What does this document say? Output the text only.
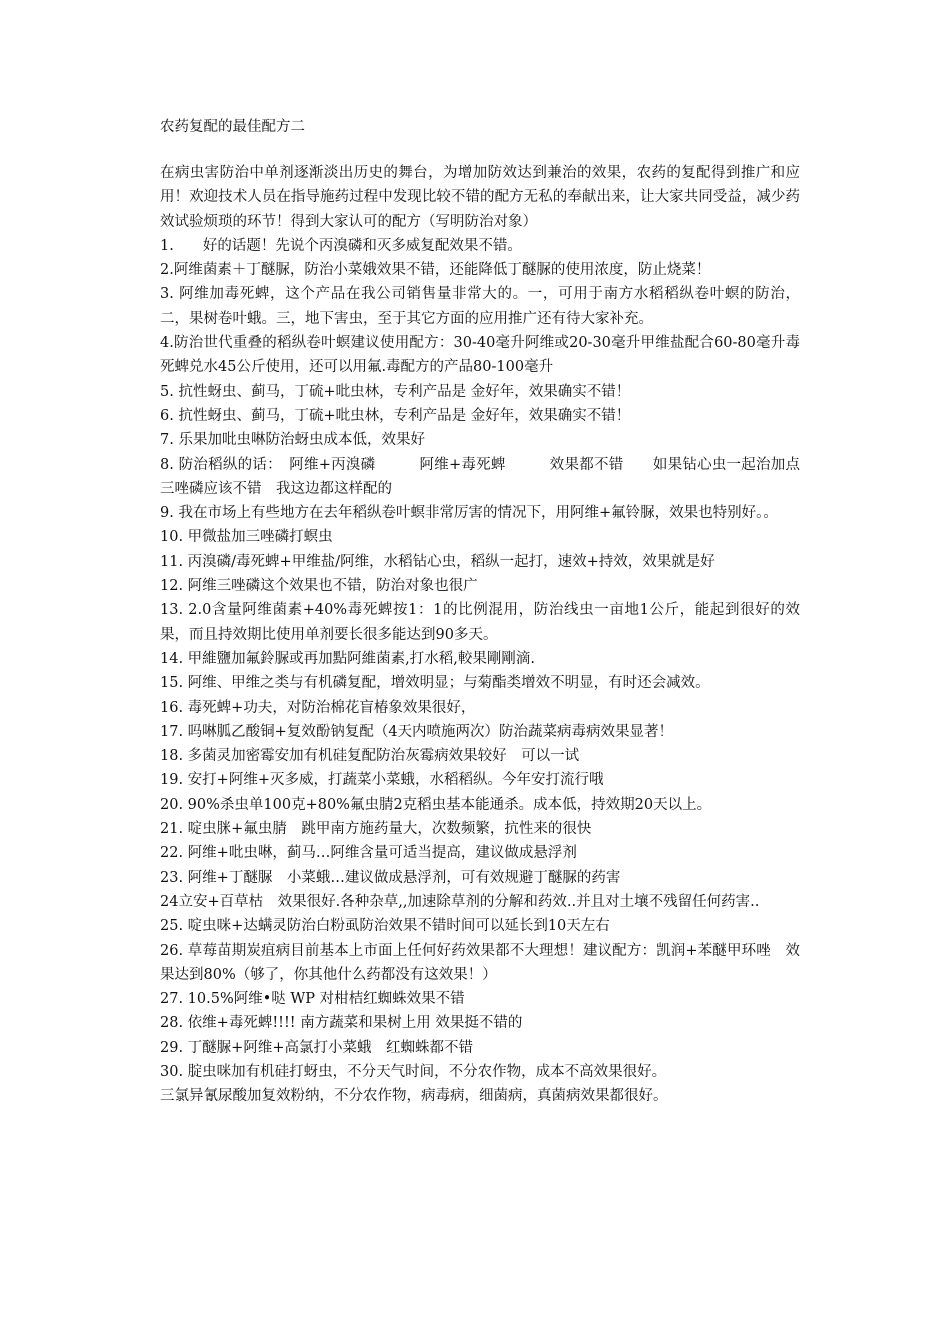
农药复配的最佳配方二

在病虫害防治中单剂逐渐淡出历史的舞台，为增加防效达到兼治的效果，农药的复配得到推广和应用！欢迎技术人员在指导施药过程中发现比较不错的配方无私的奉献出来，让大家共同受益，减少药效试验烦琐的环节！得到大家认可的配方（写明防治对象）

1.　　好的话题！先说个丙溴磷和灭多威复配效果不错。

2.阿维菌素＋丁醚脲，防治小菜娥效果不错，还能降低丁醚脲的使用浓度，防止烧菜！

3. 阿维加毒死蜱，这个产品在我公司销售量非常大的。一，可用于南方水稻稻纵卷叶螟的防治，二，果树卷叶蛾。三，地下害虫，至于其它方面的应用推广还有待大家补充。

4.防治世代重叠的稻纵卷叶螟建议使用配方：30-40毫升阿维或20-30毫升甲维盐配合60-80毫升毒死蜱兑水45公斤使用，还可以用氟.毒配方的产品80-100毫升

5. 抗性蚜虫、蓟马，丁硫+吡虫林，专利产品是 金好年，效果确实不错！

6. 抗性蚜虫、蓟马，丁硫+吡虫林，专利产品是 金好年，效果确实不错！

7. 乐果加吡虫啉防治蚜虫成本低，效果好

8. 防治稻纵的话：　阿维+丙溴磷　　　阿维+毒死蜱　　　效果都不错　　如果钻心虫一起治加点三唑磷应该不错　我这边都这样配的

9. 我在市场上有些地方在去年稻纵卷叶螟非常厉害的情况下，用阿维+氟铃脲，效果也特别好。。

10. 甲微盐加三唑磷打螟虫

11. 丙溴磷/毒死蜱+甲维盐/阿维，水稻钻心虫，稻纵一起打，速效+持效，效果就是好

12. 阿维三唑磷这个效果也不错，防治对象也很广

13. 2.0含量阿维菌素+40%毒死蜱按1：1的比例混用，防治线虫一亩地1公斤，能起到很好的效果，而且持效期比使用单剂要长很多能达到90多天。

14. 甲維鹽加氟鈴脲或再加點阿維菌素,打水稻,較果剛剛滴.

15. 阿维、甲维之类与有机磷复配，增效明显；与菊酯类增效不明显，有时还会减效。

16. 毒死蜱+功夫，对防治棉花盲椿象效果很好，

17. 吗啉胍乙酸铜+复效酚钠复配（4天内喷施两次）防治蔬菜病毒病效果显著！

18. 多菌灵加密霉安加有机硅复配防治灰霉病效果较好　可以一试

19. 安打+阿维+灭多威，打蔬菜小菜蛾，水稻稻纵。今年安打流行哦

20. 90%杀虫单100克+80%氟虫腈2克稻虫基本能通杀。成本低，持效期20天以上。

21. 啶虫脒+氟虫腈　跳甲南方施药量大，次数频繁，抗性来的很快

22. 阿维+吡虫啉，蓟马…阿维含量可适当提高，建议做成悬浮剂

23. 阿维+丁醚脲　小菜蛾…建议做成悬浮剂，可有效规避丁醚脲的药害

24立安+百草枯　效果很好.各种杂草,,加速除草剂的分解和药效..并且对土壤不残留任何药害..

25. 啶虫咪+达螨灵防治白粉虱防治效果不错时间可以延长到10天左右

26. 草莓苗期炭疽病目前基本上市面上任何好药效果都不大理想！建议配方：凯润+苯醚甲环唑　效果达到80%（够了，你其他什么药都没有这效果！）

27. 10.5%阿维•哒 WP 对柑桔红蜘蛛效果不错

28. 依维+毒死蜱!!!! 南方蔬菜和果树上用 效果挺不错的

29. 丁醚脲+阿维+高氯打小菜蛾　红蜘蛛都不错

30. 腚虫咪加有机硅打蚜虫，不分天气时间，不分农作物，成本不高效果很好。

三氯异氰尿酸加复效粉纳，不分农作物，病毒病，细菌病，真菌病效果都很好。
